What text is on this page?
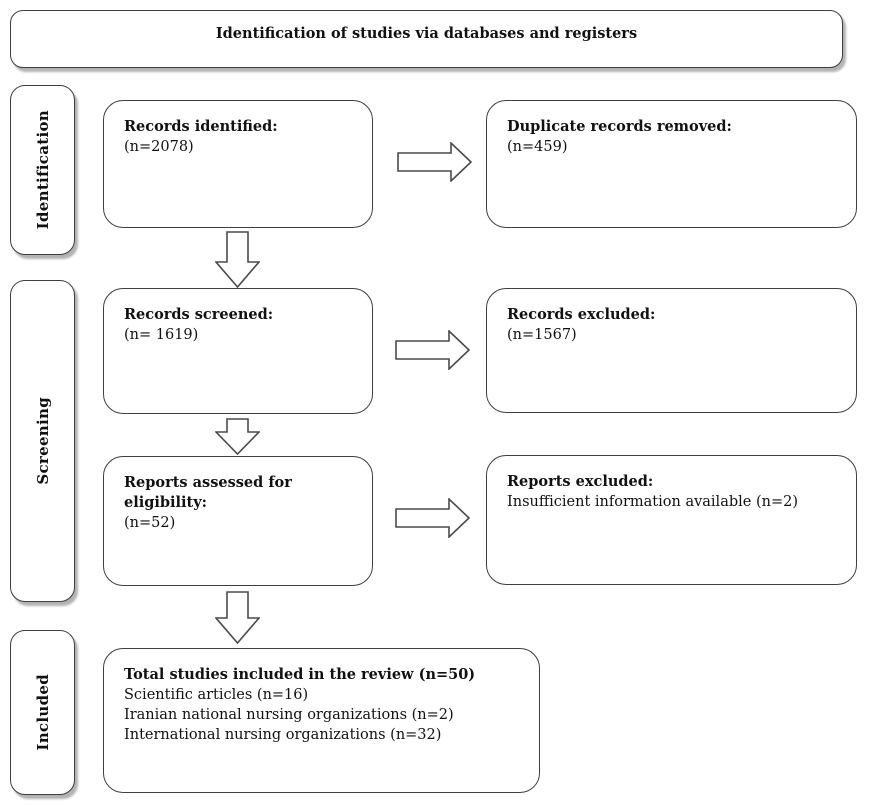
Identification of studies via databases and registers
Identification
Screening
Included
Records identified:
(n=2078)
Duplicate records removed:
(n=459)
Records screened:
(n= 1619)
Records excluded:
(n=1567)
Reports assessed for eligibility:
(n=52)
Reports excluded:
Insufficient information available (n=2)
Total studies included in the review (n=50)
Scientific articles (n=16)
Iranian national nursing organizations (n=2)
International nursing organizations (n=32)
